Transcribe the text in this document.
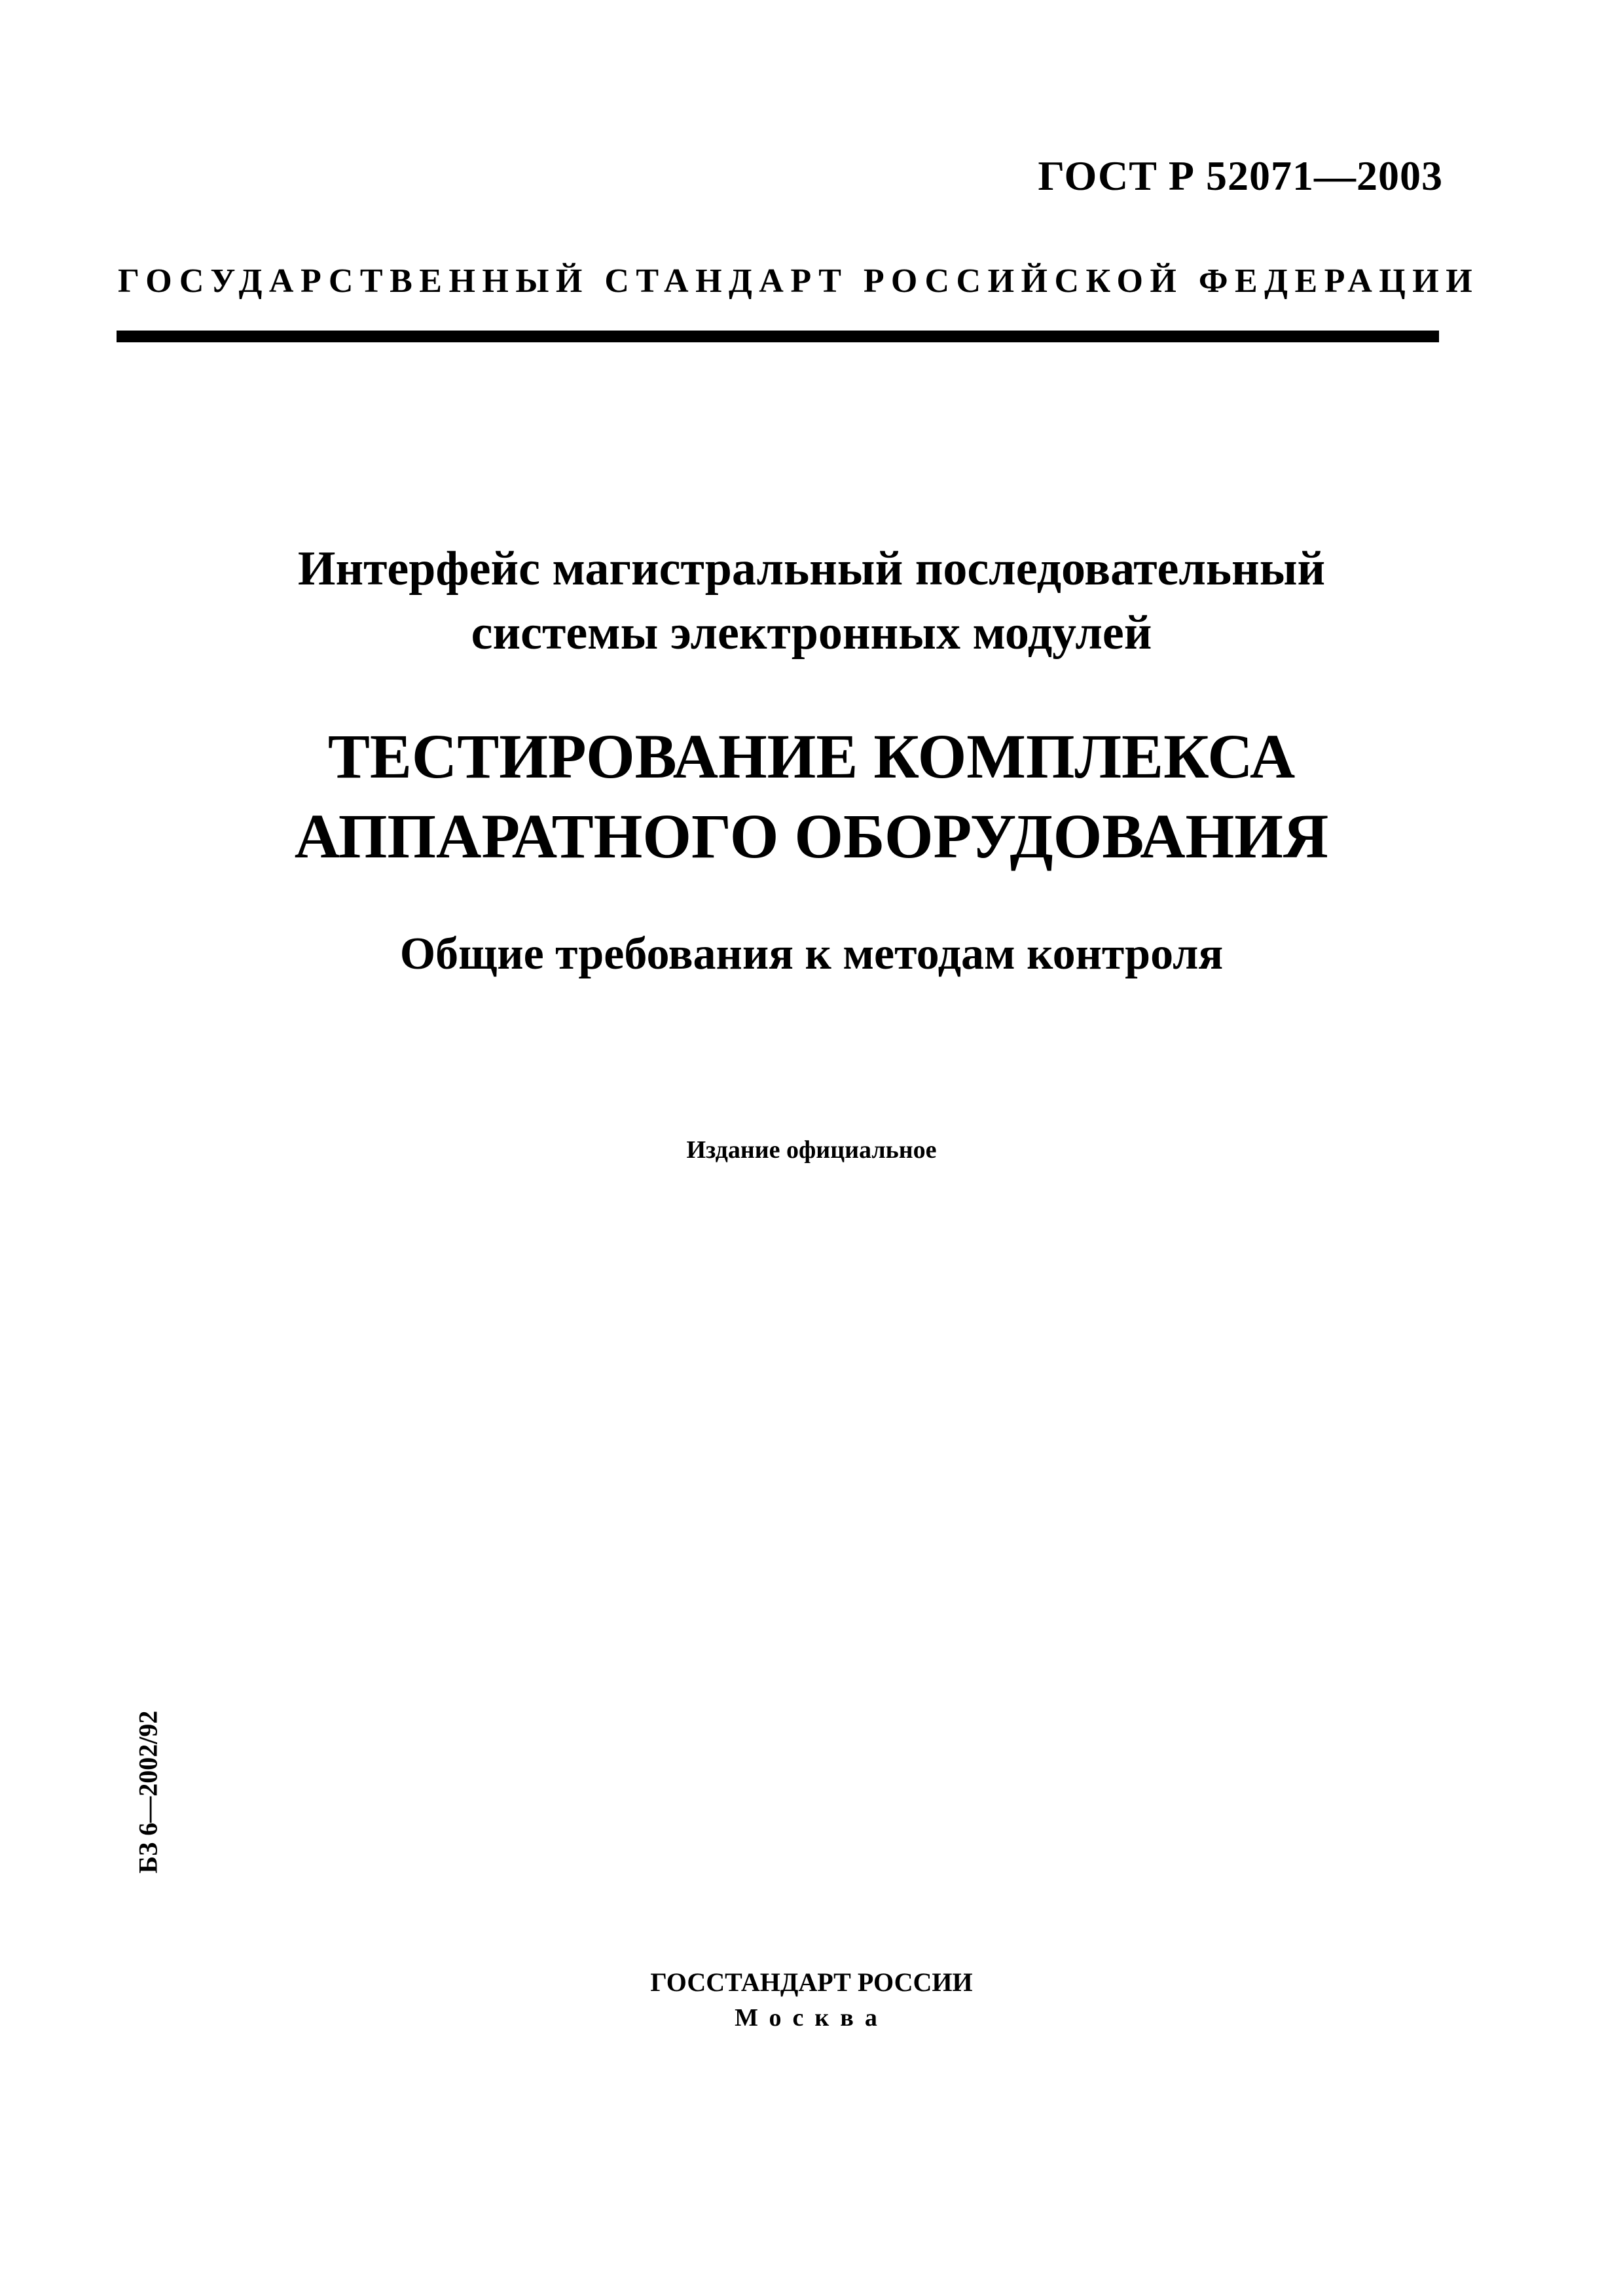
ГОСТ Р 52071—2003
ГОСУДАРСТВЕННЫЙ СТАНДАРТ РОССИЙСКОЙ ФЕДЕРАЦИИ
Интерфейс магистральный последовательный
системы электронных модулей
ТЕСТИРОВАНИЕ КОМПЛЕКСА
АППАРАТНОГО ОБОРУДОВАНИЯ
Общие требования к методам контроля
Издание официальное
БЗ 6—2002/92
ГОССТАНДАРТ РОССИИ
Москва
